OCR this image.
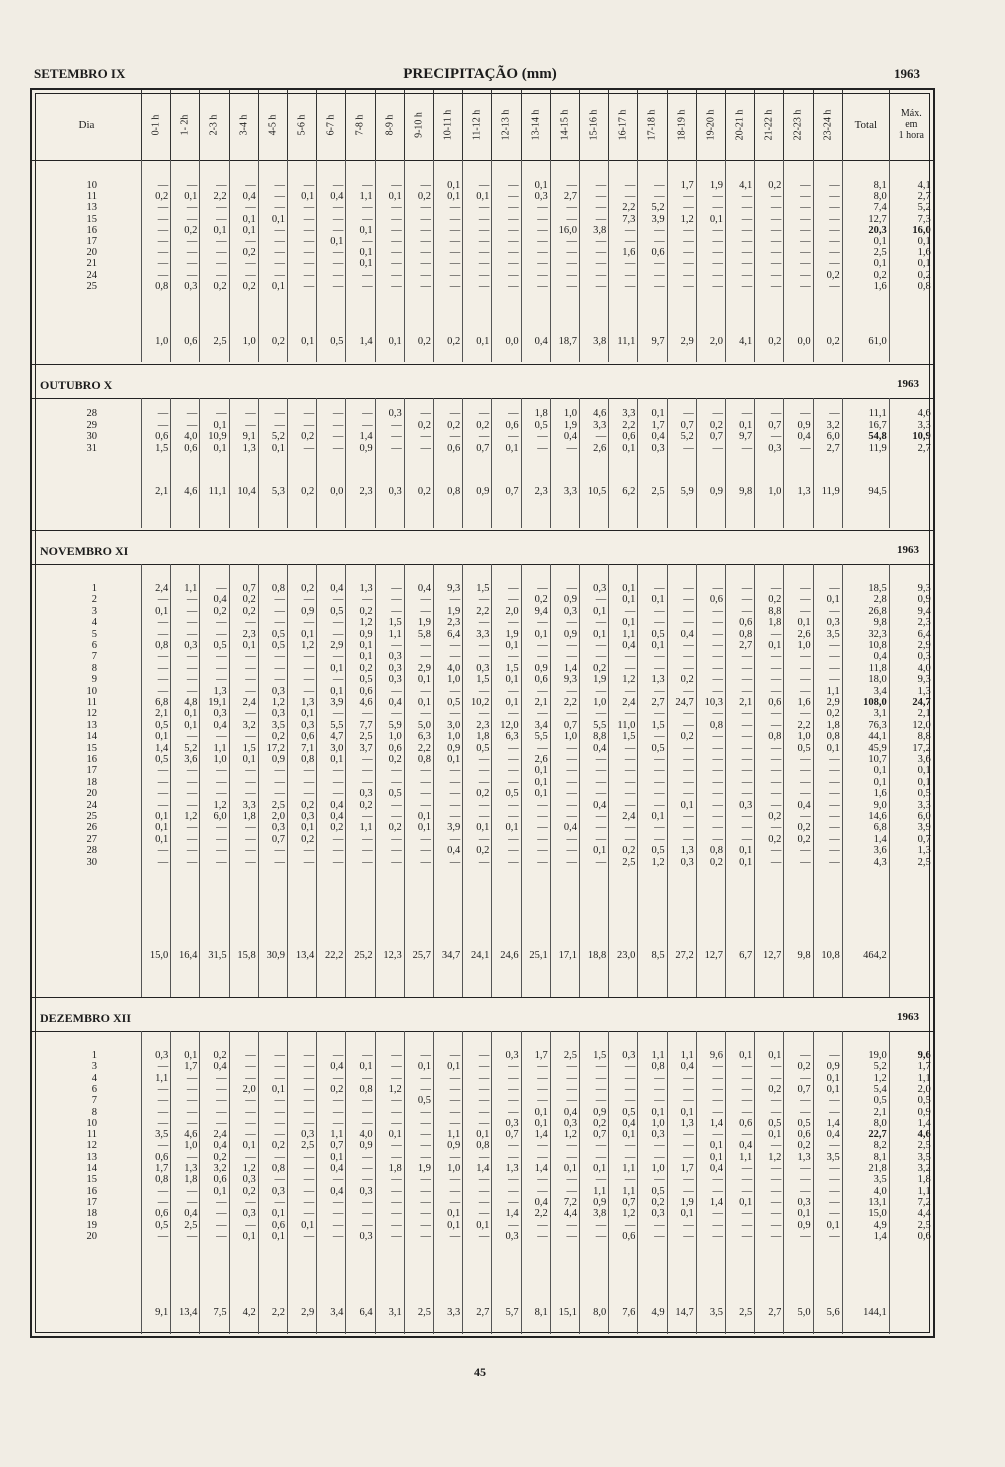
SETEMBRO IX	PRECIPITAÇÃO (mm)	1963
Dia	0-1 h 1- 2h 2-3 h 3-4 h 4-5 h 5-6 h 6-7 h 7-8 h 8-9 h 9-10 h 10-11 h 11-12 h 12-13 h 13-14 h 14-15 h 15-16 h 16-17 h 17-18 h 18-19 h 19-20 h 20-21 h 21-22 h 22-23 h 23-24 h	Total
Máx.
em
1 hora
10	—	—	—	—	—	—	—	—	—	—	0,1	—	—	0,1	—	—	—	—	1,7	1,9	4,1	0,2	—	—	8,1	4,1
11	0,2	0,1	2,2	0,4	—	0,1	0,4	1,1	0,1	0,2	0,1	0,1	—	0,3	2,7	—	—	—	—	—	—	—	—	—	8,0	2,7
13	—	—	—	—	—	—	—	—	—	—	—	—	—	—	—	—	2,2	5,2	—	—	—	—	—	—	7,4	5,2
15	—	—	—	0,1	0,1	—	—	—	—	—	—	—	—	—	—	—	7,3	3,9	1,2	0,1	—	—	—	—	12,7	7,3
16	—	0,2	0,1	0,1	—	—	—	0,1	—	—	—	—	—	—	16,0	3,8	—	—	—	—	—	—	—	—	20,3	16,0
17	—	—	—	—	—	—	0,1	—	—	—	—	—	—	—	—	—	—	—	—	—	—	—	—	—	0,1	0,1
20	—	—	—	0,2	—	—	—	0,1	—	—	—	—	—	—	—	—	1,6	0,6	—	—	—	—	—	—	2,5	1,6
21	—	—	—	—	—	—	—	0,1	—	—	—	—	—	—	—	—	—	—	—	—	—	—	—	—	0,1	0,1
24	—	—	—	—	—	—	—	—	—	—	—	—	—	—	—	—	—	—	—	—	—	—	—	0,2	0,2	0,2
25	0,8	0,3	0,2	0,2	0,1	—	—	—	—	—	—	—	—	—	—	—	—	—	—	—	—	—	—	—	1,6	0,8
1,0	0,6	2,5	1,0	0,2	0,1	0,5	1,4	0,1	0,2	0,2	0,1	0,0	0,4	18,7	3,8	11,1	9,7	2,9	2,0	4,1	0,2	0,0	0,2	61,0
OUTUBRO X	1963
28	—	—	—	—	—	—	—	—	0,3	—	—	—	—	1,8	1,0	4,6	3,3	0,1	—	—	—	—	—	—	11,1	4,6
29	—	—	0,1	—	—	—	—	—	—	0,2	0,2	0,2	0,6	0,5	1,9	3,3	2,2	1,7	0,7	0,2	0,1	0,7	0,9	3,2	16,7	3,3
30	0,6	4,0	10,9	9,1	5,2	0,2	—	1,4	—	—	—	—	—	—	0,4	—	0,6	0,4	5,2	0,7	9,7	—	0,4	6,0	54,8	10,9
31	1,5	0,6	0,1	1,3	0,1	—	—	0,9	—	—	0,6	0,7	0,1	—	—	2,6	0,1	0,3	—	—	—	0,3	—	2,7	11,9	2,7
2,1	4,6	11,1	10,4	5,3	0,2	0,0	2,3	0,3	0,2	0,8	0,9	0,7	2,3	3,3	10,5	6,2	2,5	5,9	0,9	9,8	1,0	1,3	11,9	94,5
NOVEMBRO XI	1963
1	2,4	1,1	—	0,7	0,8	0,2	0,4	1,3	—	0,4	9,3	1,5	—	—	—	0,3	0,1	—	—	—	—	—	—	—	18,5	9,3
2	—	—	0,4	0,2	—	—	—	—	—	—	—	—	—	0,2	0,9	—	0,1	0,1	—	0,6	—	0,2	—	0,1	2,8	0,9
3	0,1	—	0,2	0,2	—	0,9	0,5	0,2	—	—	1,9	2,2	2,0	9,4	0,3	0,1	—	—	—	—	—	8,8	—	—	26,8	9,4
4	—	—	—	—	—	—	—	1,2	1,5	1,9	2,3	—	—	—	—	—	0,1	—	—	—	0,6	1,8	0,1	0,3	9,8	2,3
5	—	—	—	2,3	0,5	0,1	—	0,9	1,1	5,8	6,4	3,3	1,9	0,1	0,9	0,1	1,1	0,5	0,4	—	0,8	—	2,6	3,5	32,3	6,4
6	0,8	0,3	0,5	0,1	0,5	1,2	2,9	0,1	—	—	—	—	0,1	—	—	—	0,4	0,1	—	—	2,7	0,1	1,0	—	10,8	2,9
7	—	—	—	—	—	—	—	0,1	0,3	—	—	—	—	—	—	—	—	—	—	—	—	—	—	—	0,4	0,3
8	—	—	—	—	—	—	0,1	0,2	0,3	2,9	4,0	0,3	1,5	0,9	1,4	0,2	—	—	—	—	—	—	—	—	11,8	4,0
9	—	—	—	—	—	—	—	0,5	0,3	0,1	1,0	1,5	0,1	0,6	9,3	1,9	1,2	1,3	0,2	—	—	—	—	—	18,0	9,3
10	—	—	1,3	—	0,3	—	0,1	0,6	—	—	—	—	—	—	—	—	—	—	—	—	—	—	—	1,1	3,4	1,3
11	6,8	4,8	19,1	2,4	1,2	1,3	3,9	4,6	0,4	0,1	0,5	10,2	0,1	2,1	2,2	1,0	2,4	2,7	24,7	10,3	2,1	0,6	1,6	2,9	108,0	24,7
12	2,1	0,1	0,3	—	0,3	0,1	—	—	—	—	—	—	—	—	—	—	—	—	—	—	—	—	—	0,2	3,1	2,1
13	0,5	0,1	0,4	3,2	3,5	0,3	5,5	7,7	5,9	5,0	3,0	2,3	12,0	3,4	0,7	5,5	11,0	1,5	—	0,8	—	—	2,2	1,8	76,3	12,0
14	0,1	—	—	—	0,2	0,6	4,7	2,5	1,0	6,3	1,0	1,8	6,3	5,5	1,0	8,8	1,5	—	0,2	—	—	0,8	1,0	0,8	44,1	8,8
15	1,4	5,2	1,1	1,5	17,2	7,1	3,0	3,7	0,6	2,2	0,9	0,5	—	—	—	0,4	—	0,5	—	—	—	—	0,5	0,1	45,9	17,2
16	0,5	3,6	1,0	0,1	0,9	0,8	0,1	—	0,2	0,8	0,1	—	—	2,6	—	—	—	—	—	—	—	—	—	—	10,7	3,6
17	—	—	—	—	—	—	—	—	—	—	—	—	—	0,1	—	—	—	—	—	—	—	—	—	—	0,1	0,1
18	—	—	—	—	—	—	—	—	—	—	—	—	—	0,1	—	—	—	—	—	—	—	—	—	—	0,1	0,1
20	—	—	—	—	—	—	—	0,3	0,5	—	—	0,2	0,5	0,1	—	—	—	—	—	—	—	—	—	—	1,6	0,5
24	—	—	1,2	3,3	2,5	0,2	0,4	0,2	—	—	—	—	—	—	—	0,4	—	—	0,1	—	0,3	—	0,4	—	9,0	3,3
25	0,1	1,2	6,0	1,8	2,0	0,3	0,4	—	—	0,1	—	—	—	—	—	—	2,4	0,1	—	—	—	0,2	—	—	14,6	6,0
26	0,1	—	—	—	0,3	0,1	0,2	1,1	0,2	0,1	3,9	0,1	0,1	—	0,4	—	—	—	—	—	—	—	0,2	—	6,8	3,9
27	0,1	—	—	—	0,7	0,2	—	—	—	—	—	—	—	—	—	—	—	—	—	—	—	0,2	0,2	—	1,4	0,7
28	—	—	—	—	—	—	—	—	—	—	0,4	0,2	—	—	—	0,1	0,2	0,5	1,3	0,8	0,1	—	—	—	3,6	1,3
30	—	—	—	—	—	—	—	—	—	—	—	—	—	—	—	—	2,5	1,2	0,3	0,2	0,1	—	—	—	4,3	2,5
15,0	16,4	31,5	15,8	30,9	13,4	22,2	25,2	12,3	25,7	34,7	24,1	24,6	25,1	17,1	18,8	23,0	8,5	27,2	12,7	6,7	12,7	9,8	10,8	464,2
DEZEMBRO XII	1963
1	0,3	0,1	0,2	—	—	—	—	—	—	—	—	—	0,3	1,7	2,5	1,5	0,3	1,1	1,1	9,6	0,1	0,1	—	—	19,0	9,6
3	—	1,7	0,4	—	—	—	0,4	0,1	—	0,1	0,1	—	—	—	—	—	—	0,8	0,4	—	—	—	0,2	0,9	5,2	1,7
4	1,1	—	—	—	—	—	—	—	—	—	—	—	—	—	—	—	—	—	—	—	—	—	—	0,1	1,2	1,1
6	—	—	—	2,0	0,1	—	0,2	0,8	1,2	—	—	—	—	—	—	—	—	—	—	—	—	0,2	0,7	0,1	5,4	2,0
7	—	—	—	—	—	—	—	—	—	0,5	—	—	—	—	—	—	—	—	—	—	—	—	—	—	0,5	0,5
8	—	—	—	—	—	—	—	—	—	—	—	—	—	0,1	0,4	0,9	0,5	0,1	0,1	—	—	—	—	—	2,1	0,9
10	—	—	—	—	—	—	—	—	—	—	—	—	0,3	0,1	0,3	0,2	0,4	1,0	1,3	1,4	0,6	0,5	0,5	1,4	8,0	1,4
11	3,5	4,6	2,4	—	—	0,3	1,1	4,0	0,1	—	1,1	0,1	0,7	1,4	1,2	0,7	0,1	0,3	—	—	—	0,1	0,6	0,4	22,7	4,6
12	—	1,0	0,4	0,1	0,2	2,5	0,7	0,9	—	—	0,9	0,8	—	—	—	—	—	—	—	0,1	0,4	—	0,2	—	8,2	2,5
13	0,6	—	0,2	—	—	—	0,1	—	—	—	—	—	—	—	—	—	—	—	—	0,1	1,1	1,2	1,3	3,5	8,1	3,5
14	1,7	1,3	3,2	1,2	0,8	—	0,4	—	1,8	1,9	1,0	1,4	1,3	1,4	0,1	0,1	1,1	1,0	1,7	0,4	—	—	—	—	21,8	3,2
15	0,8	1,8	0,6	0,3	—	—	—	—	—	—	—	—	—	—	—	—	—	—	—	—	—	—	—	—	3,5	1,8
16	—	—	0,1	0,2	0,3	—	0,4	0,3	—	—	—	—	—	—	—	1,1	1,1	0,5	—	—	—	—	—	—	4,0	1,1
17	—	—	—	—	—	—	—	—	—	—	—	—	—	0,4	7,2	0,9	0,7	0,2	1,9	1,4	0,1	—	0,3	—	13,1	7,2
18	0,6	0,4	—	0,3	0,1	—	—	—	—	—	0,1	—	1,4	2,2	4,4	3,8	1,2	0,3	0,1	—	—	—	0,1	—	15,0	4,4
19	0,5	2,5	—	—	0,6	0,1	—	—	—	—	0,1	0,1	—	—	—	—	—	—	—	—	—	—	0,9	0,1	4,9	2,5
20	—	—	—	0,1	0,1	—	—	0,3	—	—	—	—	0,3	—	—	—	0,6	—	—	—	—	—	—	—	1,4	0,6
9,1	13,4	7,5	4,2	2,2	2,9	3,4	6,4	3,1	2,5	3,3	2,7	5,7	8,1	15,1	8,0	7,6	4,9	14,7	3,5	2,5	2,7	5,0	5,6	144,1
45
